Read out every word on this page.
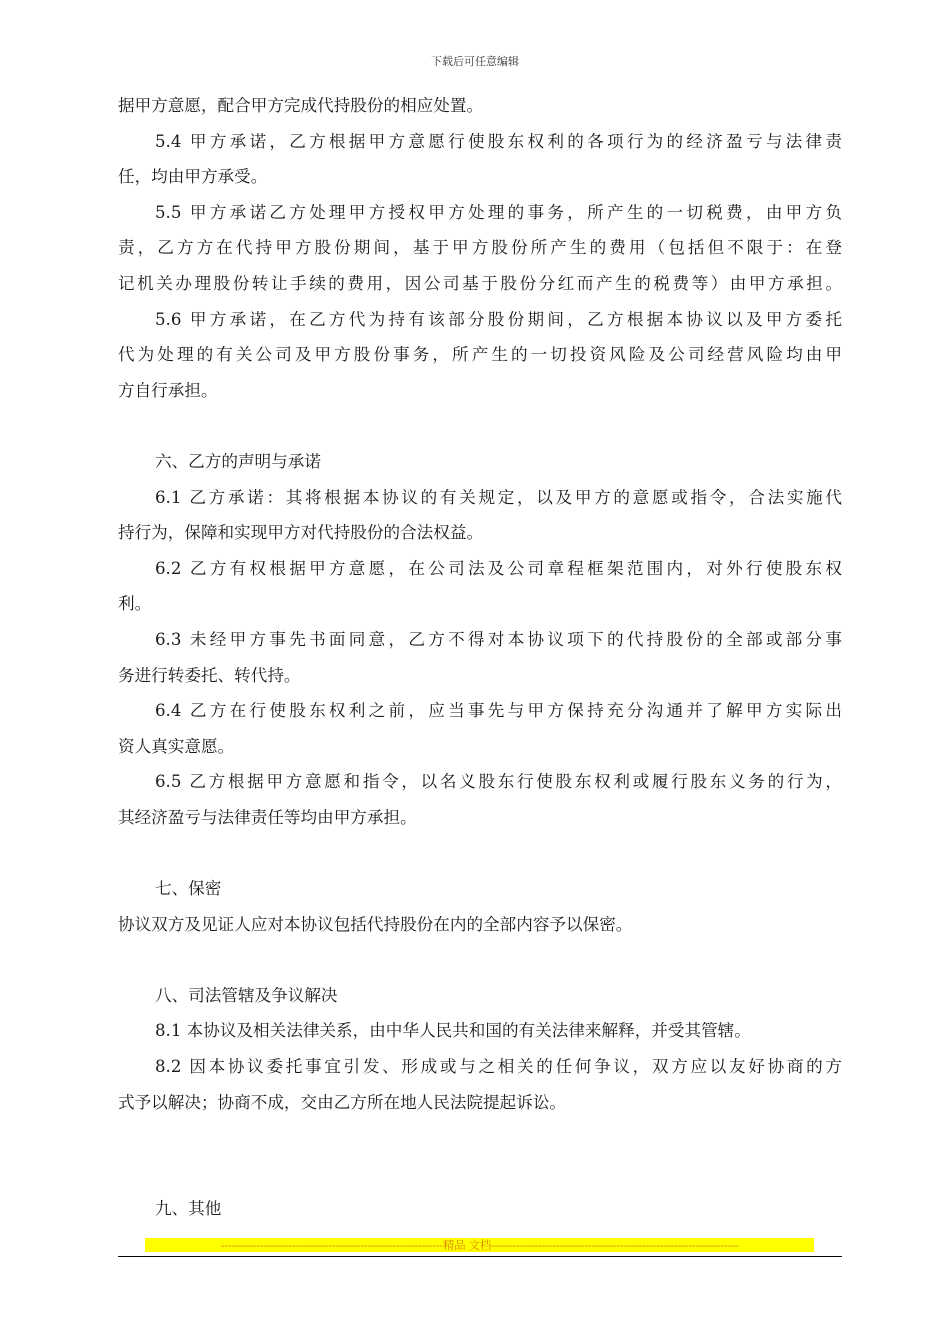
下载后可任意编辑
据甲方意愿，配合甲方完成代持股份的相应处置。
5.4 甲方承诺，乙方根据甲方意愿行使股东权利的各项行为的经济盈亏与法律责
任，均由甲方承受。
5.5 甲方承诺乙方处理甲方授权甲方处理的事务，所产生的一切税费，由甲方负
责，乙方方在代持甲方股份期间，基于甲方股份所产生的费用（包括但不限于：在登
记机关办理股份转让手续的费用，因公司基于股份分红而产生的税费等）由甲方承担。
5.6 甲方承诺，在乙方代为持有该部分股份期间，乙方根据本协议以及甲方委托
代为处理的有关公司及甲方股份事务，所产生的一切投资风险及公司经营风险均由甲
方自行承担。
六、乙方的声明与承诺
6.1 乙方承诺：其将根据本协议的有关规定，以及甲方的意愿或指令，合法实施代
持行为，保障和实现甲方对代持股份的合法权益。
6.2 乙方有权根据甲方意愿，在公司法及公司章程框架范围内，对外行使股东权
利。
6.3 未经甲方事先书面同意，乙方不得对本协议项下的代持股份的全部或部分事
务进行转委托、转代持。
6.4 乙方在行使股东权利之前，应当事先与甲方保持充分沟通并了解甲方实际出
资人真实意愿。
6.5 乙方根据甲方意愿和指令，以名义股东行使股东权利或履行股东义务的行为，
其经济盈亏与法律责任等均由甲方承担。
七、保密
协议双方及见证人应对本协议包括代持股份在内的全部内容予以保密。
八、司法管辖及争议解决
8.1 本协议及相关法律关系，由中华人民共和国的有关法律来解释，并受其管辖。
8.2 因本协议委托事宜引发、形成或与之相关的任何争议，双方应以友好协商的方
式予以解决；协商不成，交由乙方所在地人民法院提起诉讼。
九、其他
--------------------------------------------------------------精品 文档---------------------------------------------------------------------
